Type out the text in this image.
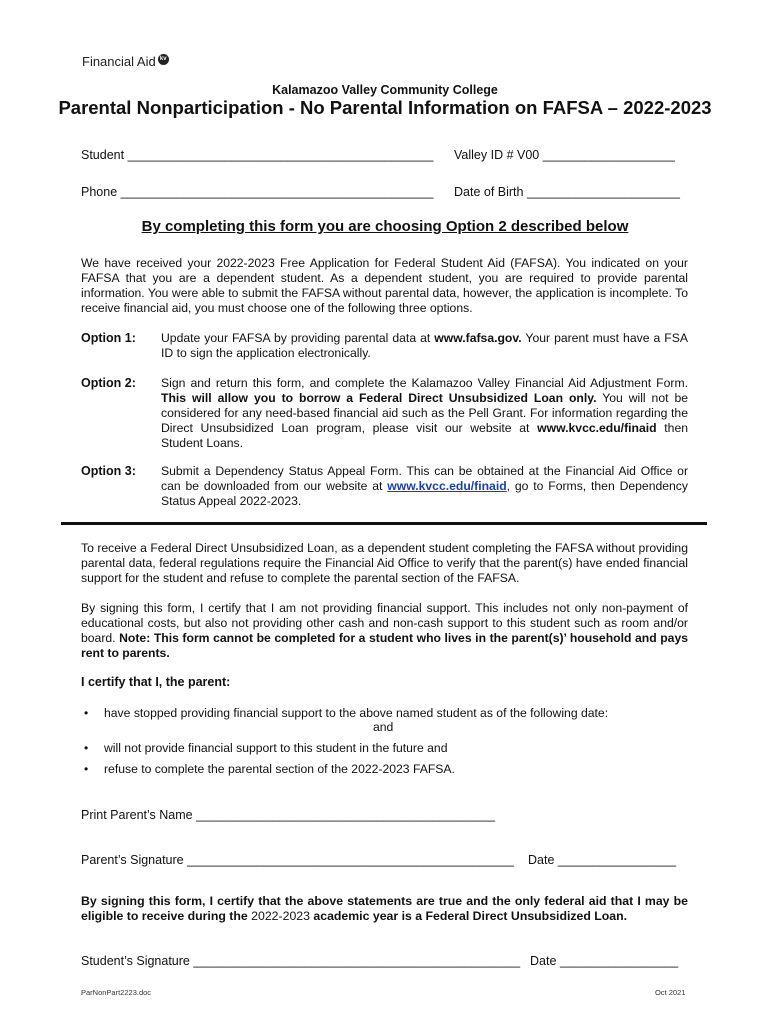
Financial Aid kv
Kalamazoo Valley Community College
Parental Nonparticipation - No Parental Information on FAFSA – 2022-2023
Student ____________________________________________ Valley ID # V00 ___________________
Phone _____________________________________________ Date of Birth ______________________
By completing this form you are choosing Option 2 described below
We have received your 2022-2023 Free Application for Federal Student Aid (FAFSA). You indicated on your FAFSA that you are a dependent student. As a dependent student, you are required to provide parental information. You were able to submit the FAFSA without parental data, however, the application is incomplete. To receive financial aid, you must choose one of the following three options.
Option 1: Update your FAFSA by providing parental data at www.fafsa.gov. Your parent must have a FSA ID to sign the application electronically.
Option 2: Sign and return this form, and complete the Kalamazoo Valley Financial Aid Adjustment Form. This will allow you to borrow a Federal Direct Unsubsidized Loan only. You will not be considered for any need-based financial aid such as the Pell Grant. For information regarding the Direct Unsubsidized Loan program, please visit our website at www.kvcc.edu/finaid then Student Loans.
Option 3: Submit a Dependency Status Appeal Form. This can be obtained at the Financial Aid Office or can be downloaded from our website at www.kvcc.edu/finaid, go to Forms, then Dependency Status Appeal 2022-2023.
To receive a Federal Direct Unsubsidized Loan, as a dependent student completing the FAFSA without providing parental data, federal regulations require the Financial Aid Office to verify that the parent(s) have ended financial support for the student and refuse to complete the parental section of the FAFSA.
By signing this form, I certify that I am not providing financial support. This includes not only non-payment of educational costs, but also not providing other cash and non-cash support to this student such as room and/or board. Note: This form cannot be completed for a student who lives in the parent(s)’ household and pays rent to parents.
I certify that I, the parent:
• have stopped providing financial support to the above named student as of the following date:
and
• will not provide financial support to this student in the future and
• refuse to complete the parental section of the 2022-2023 FAFSA.
Print Parent’s Name ___________________________________________
Parent’s Signature _______________________________________________ Date _________________
By signing this form, I certify that the above statements are true and the only federal aid that I may be eligible to receive during the 2022-2023 academic year is a Federal Direct Unsubsidized Loan.
Student’s Signature _______________________________________________ Date _________________
ParNonPart2223.doc	Oct 2021
